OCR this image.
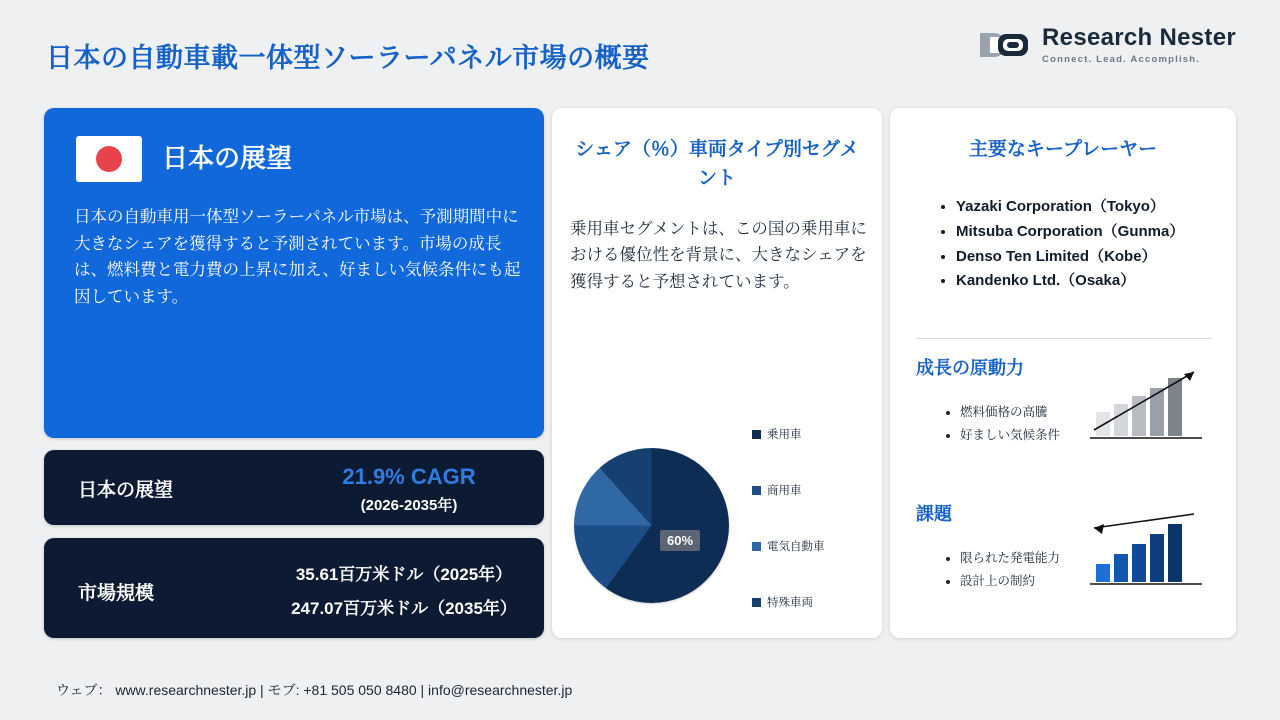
日本の自動車載一体型ソーラーパネル市場の概要
Research Nester
Connect. Lead. Accomplish.
日本の展望
日本の自動車用一体型ソーラーパネル市場は、予測期間中に大きなシェアを獲得すると予測されています。市場の成長は、燃料費と電力費の上昇に加え、好ましい気候条件にも起因しています。
日本の展望
21.9% CAGR
(2026-2035年)
市場規模
35.61百万米ドル（2025年）
247.07百万米ドル（2035年）
シェア（％）車両タイプ別セグメント
乗用車セグメントは、この国の乗用車における優位性を背景に、大きなシェアを獲得すると予想されています。
60%
乗用車
商用車
電気自動車
特殊車両
主要なキープレーヤー
• Yazaki Corporation（Tokyo）
• Mitsuba Corporation（Gunma）
• Denso Ten Limited（Kobe）
• Kandenko Ltd.（Osaka）
成長の原動力
• 燃料価格の高騰
• 好ましい気候条件
課題
• 限られた発電能力
• 設計上の制約
ウェブ： www.researchnester.jp | モブ: +81 505 050 8480 | info@researchnester.jp
